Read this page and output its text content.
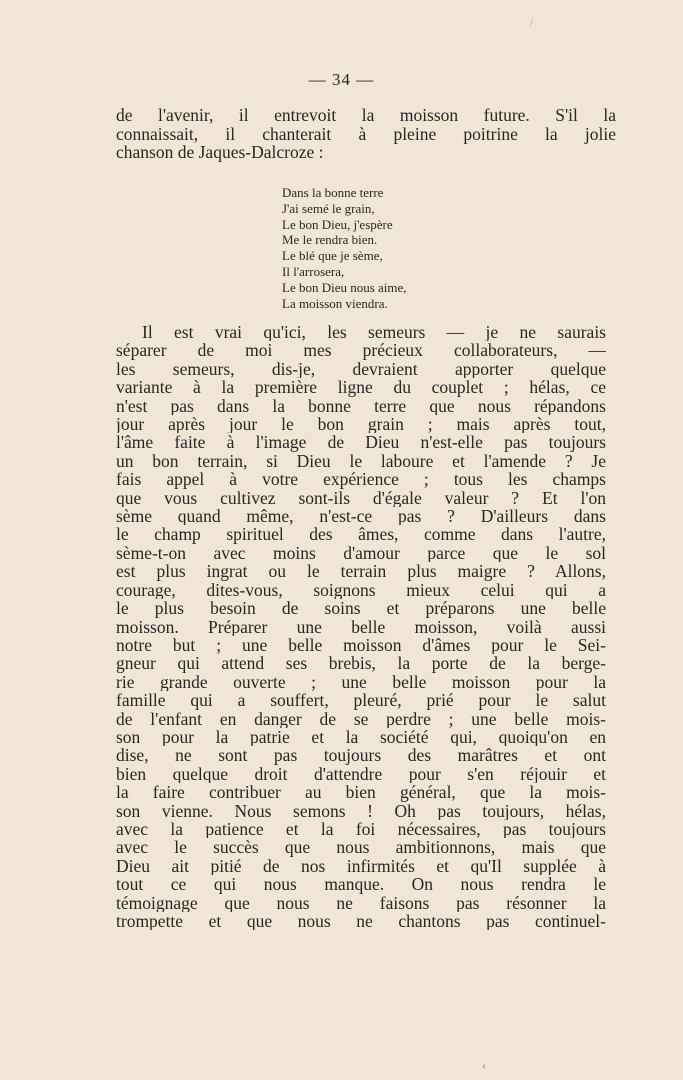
/
— 34 —
de l'avenir, il entrevoit la moisson future. S'il la
connaissait, il chanterait à pleine poitrine la jolie
chanson de Jaques-Dalcroze :
Dans la bonne terre
J'ai semé le grain,
Le bon Dieu, j'espère
Me le rendra bien.
Le blé que je sème,
Il l'arrosera,
Le bon Dieu nous aime,
La moisson viendra.
Il est vrai qu'ici, les semeurs — je ne saurais
séparer de moi mes précieux collaborateurs, —
les semeurs, dis-je, devraient apporter quelque
variante à la première ligne du couplet ; hélas, ce
n'est pas dans la bonne terre que nous répandons
jour après jour le bon grain ; mais après tout,
l'âme faite à l'image de Dieu n'est-elle pas toujours
un bon terrain, si Dieu le laboure et l'amende ? Je
fais appel à votre expérience ; tous les champs
que vous cultivez sont-ils d'égale valeur ? Et l'on
sème quand même, n'est-ce pas ? D'ailleurs dans
le champ spirituel des âmes, comme dans l'autre,
sème-t-on avec moins d'amour parce que le sol
est plus ingrat ou le terrain plus maigre ? Allons,
courage, dites-vous, soignons mieux celui qui a
le plus besoin de soins et préparons une belle
moisson. Préparer une belle moisson, voilà aussi
notre but ; une belle moisson d'âmes pour le Sei-
gneur qui attend ses brebis, la porte de la berge-
rie grande ouverte ; une belle moisson pour la
famille qui a souffert, pleuré, prié pour le salut
de l'enfant en danger de se perdre ; une belle mois-
son pour la patrie et la société qui, quoiqu'on en
dise, ne sont pas toujours des marâtres et ont
bien quelque droit d'attendre pour s'en réjouir et
la faire contribuer au bien général, que la mois-
son vienne. Nous semons ! Oh pas toujours, hélas,
avec la patience et la foi nécessaires, pas toujours
avec le succès que nous ambitionnons, mais que
Dieu ait pitié de nos infirmités et qu'Il supplée à
tout ce qui nous manque. On nous rendra le
témoignage que nous ne faisons pas résonner la
trompette et que nous ne chantons pas continuel-
‹
